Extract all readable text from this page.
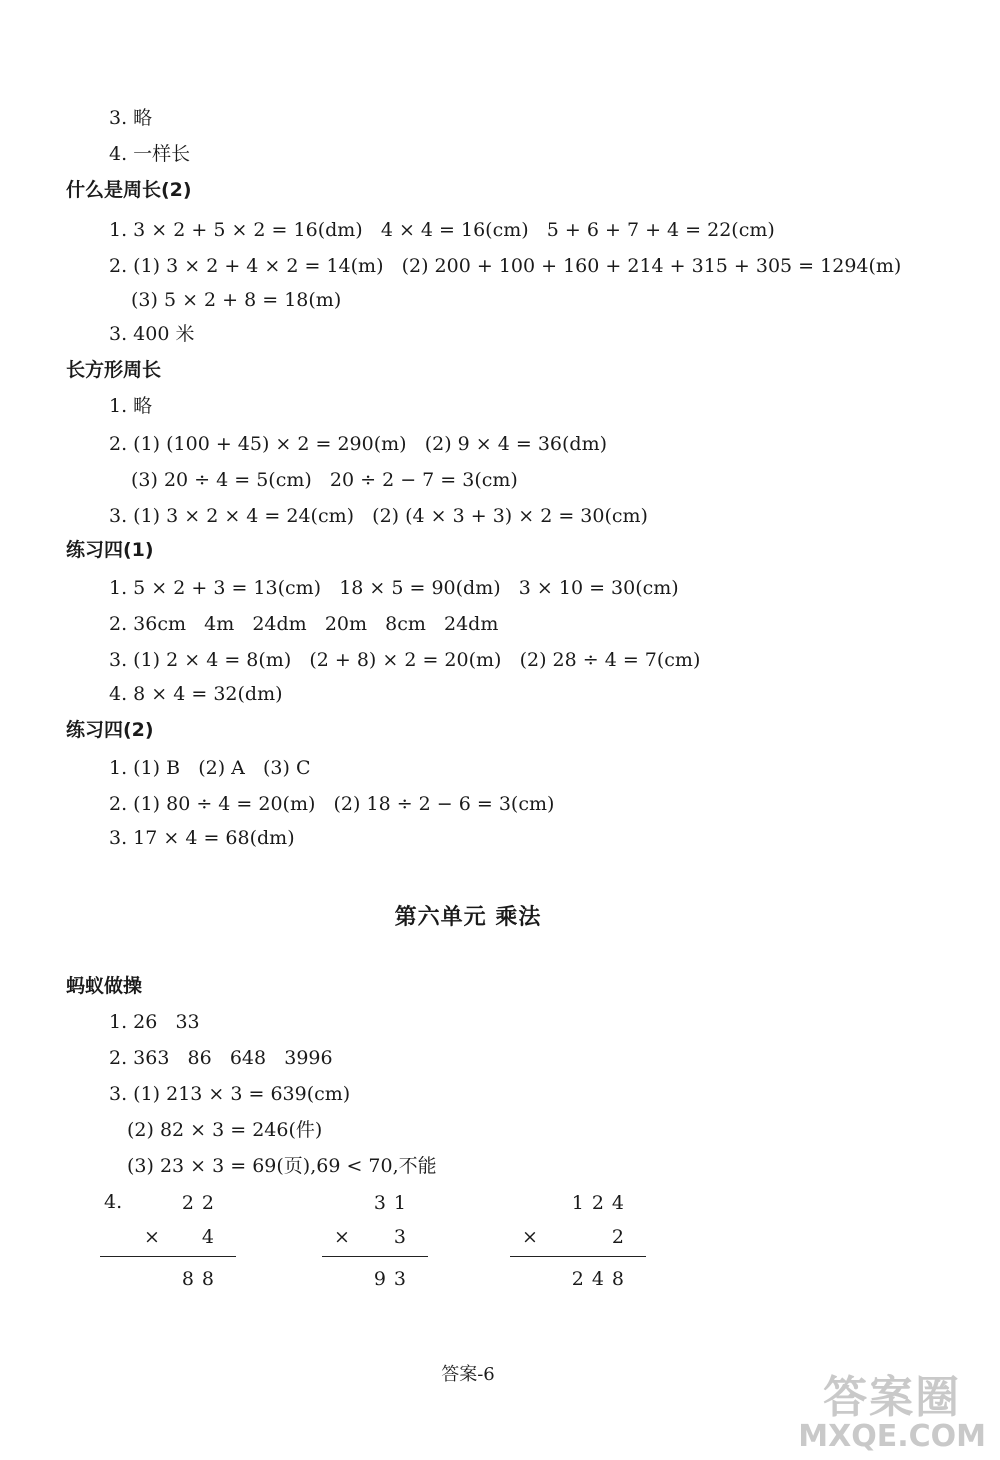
3. 略
4. 一样长
什么是周长(2)
1. 3 × 2 + 5 × 2 = 16(dm)   4 × 4 = 16(cm)   5 + 6 + 7 + 4 = 22(cm)
2. (1) 3 × 2 + 4 × 2 = 14(m)   (2) 200 + 100 + 160 + 214 + 315 + 305 = 1294(m)
(3) 5 × 2 + 8 = 18(m)
3. 400 米
长方形周长
1. 略
2. (1) (100 + 45) × 2 = 290(m)   (2) 9 × 4 = 36(dm)
(3) 20 ÷ 4 = 5(cm)   20 ÷ 2 − 7 = 3(cm)
3. (1) 3 × 2 × 4 = 24(cm)   (2) (4 × 3 + 3) × 2 = 30(cm)
练习四(1)
1. 5 × 2 + 3 = 13(cm)   18 × 5 = 90(dm)   3 × 10 = 30(cm)
2. 36cm   4m   24dm   20m   8cm   24dm
3. (1) 2 × 4 = 8(m)   (2 + 8) × 2 = 20(m)   (2) 28 ÷ 4 = 7(cm)
4. 8 × 4 = 32(dm)
练习四(2)
1. (1) B   (2) A   (3) C
2. (1) 80 ÷ 4 = 20(m)   (2) 18 ÷ 2 − 6 = 3(cm)
3. 17 × 4 = 68(dm)
第六单元 乘法
蚂蚁做操
1. 26   33
2. 363   86   648   3996
3. (1) 213 × 3 = 639(cm)
(2) 82 × 3 = 246(件)
(3) 23 × 3 = 69(页),69 < 70,不能
4.	22
× 4
88
31
× 3
93
124
×	2
248
答案-6	答案圈
MXQE.COM
